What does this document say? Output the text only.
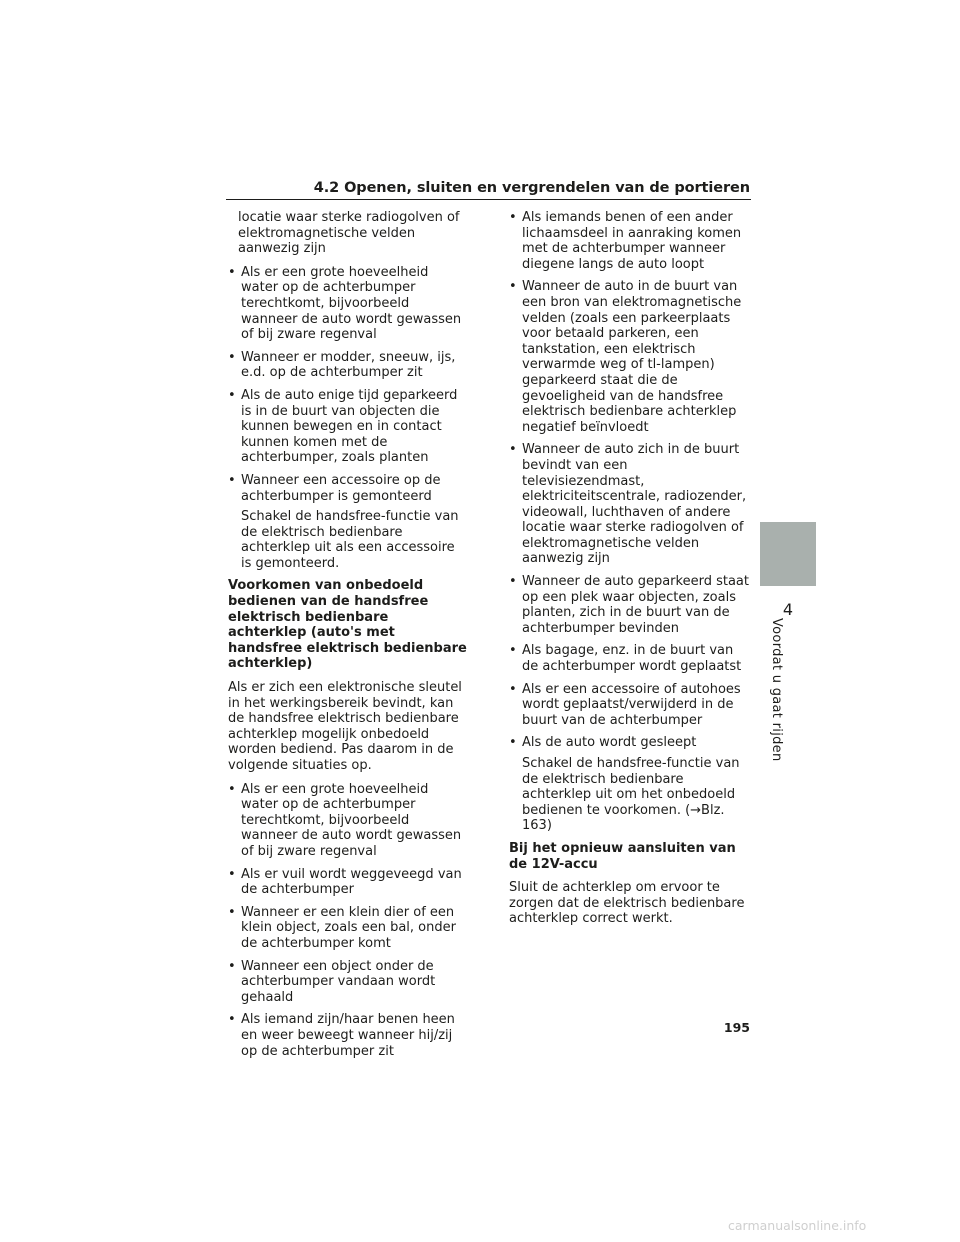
4.2 Openen, sluiten en vergrendelen van de portieren

locatie waar sterke radiogolven of elektromagnetische velden aanwezig zijn

• Als er een grote hoeveelheid water op de achterbumper terechtkomt, bijvoorbeeld wanneer de auto wordt gewassen of bij zware regenval
• Wanneer er modder, sneeuw, ijs, e.d. op de achterbumper zit
• Als de auto enige tijd geparkeerd is in de buurt van objecten die kunnen bewegen en in contact kunnen komen met de achterbumper, zoals planten
• Wanneer een accessoire op de achterbumper is gemonteerd
Schakel de handsfree-functie van de elektrisch bedienbare achterklep uit als een accessoire is gemonteerd.

Voorkomen van onbedoeld bedienen van de handsfree elektrisch bedienbare achterklep (auto's met handsfree elektrisch bedienbare achterklep)

Als er zich een elektronische sleutel in het werkingsbereik bevindt, kan de handsfree elektrisch bedienbare achterklep mogelijk onbedoeld worden bediend. Pas daarom in de volgende situaties op.

• Als er een grote hoeveelheid water op de achterbumper terechtkomt, bijvoorbeeld wanneer de auto wordt gewassen of bij zware regenval
• Als er vuil wordt weggeveegd van de achterbumper
• Wanneer er een klein dier of een klein object, zoals een bal, onder de achterbumper komt
• Wanneer een object onder de achterbumper vandaan wordt gehaald
• Als iemand zijn/haar benen heen en weer beweegt wanneer hij/zij op de achterbumper zit
• Als iemands benen of een ander lichaamsdeel in aanraking komen met de achterbumper wanneer diegene langs de auto loopt
• Wanneer de auto in de buurt van een bron van elektromagnetische velden (zoals een parkeerplaats voor betaald parkeren, een tankstation, een elektrisch verwarmde weg of tl-lampen) geparkeerd staat die de gevoeligheid van de handsfree elektrisch bedienbare achterklep negatief beïnvloedt
• Wanneer de auto zich in de buurt bevindt van een televisiezendmast, elektriciteitscentrale, radiozender, videowall, luchthaven of andere locatie waar sterke radiogolven of elektromagnetische velden aanwezig zijn
• Wanneer de auto geparkeerd staat op een plek waar objecten, zoals planten, zich in de buurt van de achterbumper bevinden
• Als bagage, enz. in de buurt van de achterbumper wordt geplaatst
• Als er een accessoire of autohoes wordt geplaatst/verwijderd in de buurt van de achterbumper
• Als de auto wordt gesleept
Schakel de handsfree-functie van de elektrisch bedienbare achterklep uit om het onbedoeld bedienen te voorkomen. (→Blz. 163)

Bij het opnieuw aansluiten van de 12V-accu

Sluit de achterklep om ervoor te zorgen dat de elektrisch bedienbare achterklep correct werkt.

4
Voordat u gaat rijden
195
carmanualsonline.info
